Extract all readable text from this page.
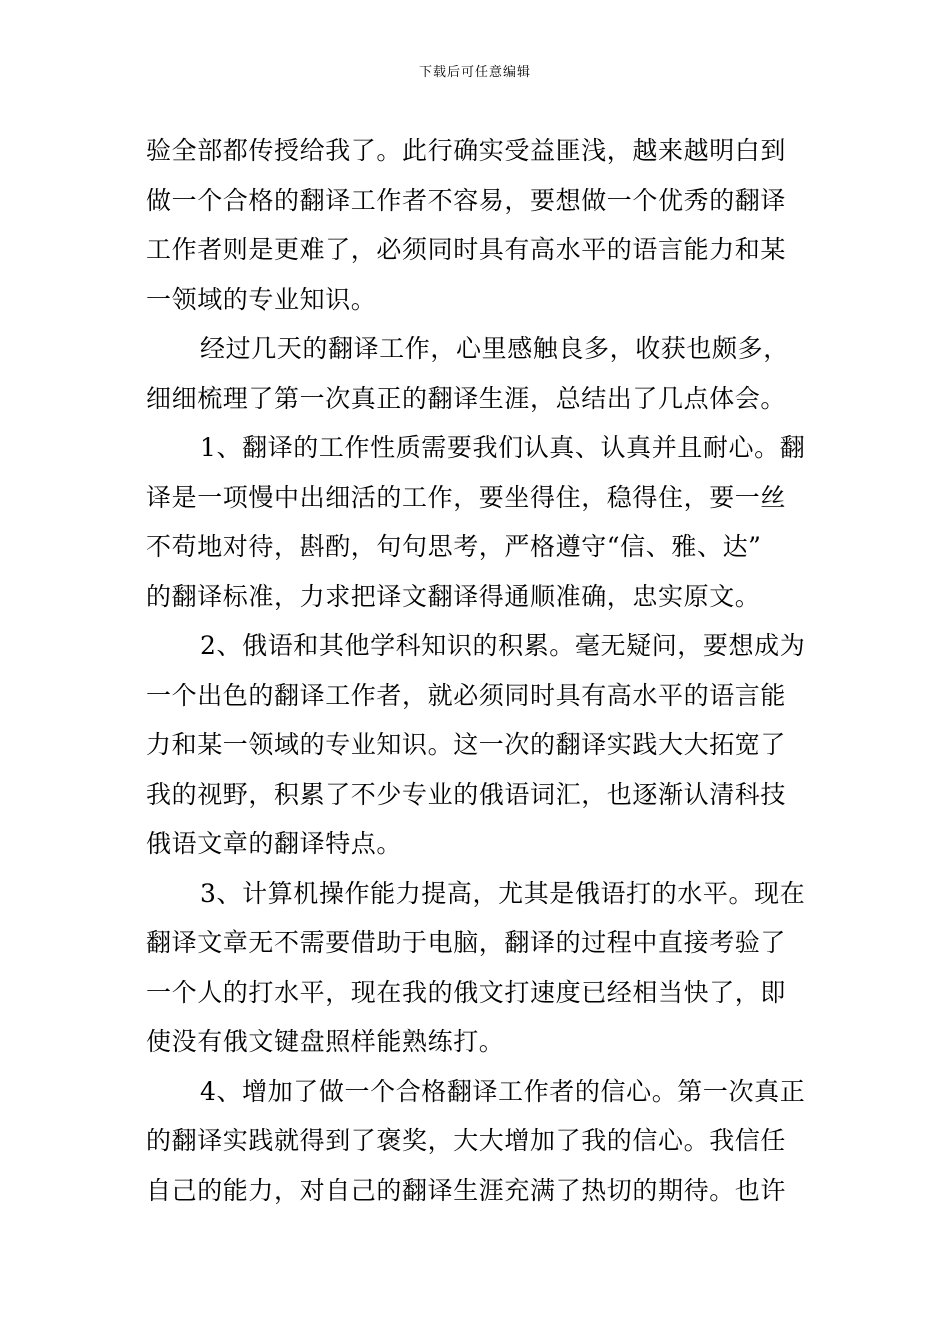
下载后可任意编辑
验全部都传授给我了。此行确实受益匪浅，越来越明白到
做一个合格的翻译工作者不容易，要想做一个优秀的翻译
工作者则是更难了，必须同时具有高水平的语言能力和某
一领域的专业知识。
经过几天的翻译工作，心里感触良多，收获也颇多，
细细梳理了第一次真正的翻译生涯，总结出了几点体会。
1、翻译的工作性质需要我们认真、认真并且耐心。翻
译是一项慢中出细活的工作，要坐得住，稳得住，要一丝
不苟地对待，斟酌，句句思考，严格遵守“信、雅、达”
的翻译标准，力求把译文翻译得通顺准确，忠实原文。
2、俄语和其他学科知识的积累。毫无疑问，要想成为
一个出色的翻译工作者，就必须同时具有高水平的语言能
力和某一领域的专业知识。这一次的翻译实践大大拓宽了
我的视野，积累了不少专业的俄语词汇，也逐渐认清科技
俄语文章的翻译特点。
3、计算机操作能力提高，尤其是俄语打的水平。现在
翻译文章无不需要借助于电脑，翻译的过程中直接考验了
一个人的打水平，现在我的俄文打速度已经相当快了，即
使没有俄文键盘照样能熟练打。
4、增加了做一个合格翻译工作者的信心。第一次真正
的翻译实践就得到了褒奖，大大增加了我的信心。我信任
自己的能力，对自己的翻译生涯充满了热切的期待。也许
